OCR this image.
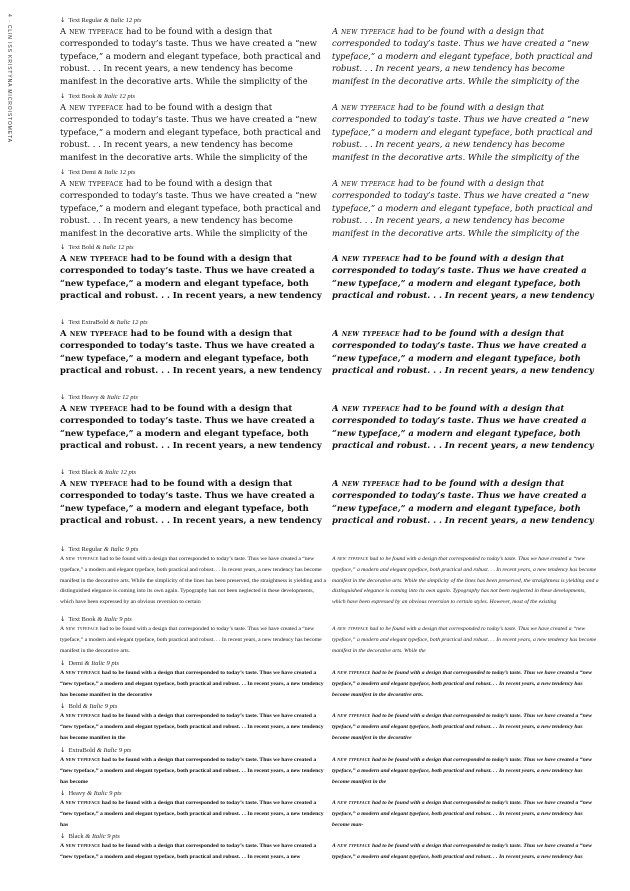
4 · CLIN ISS KRISTÝNA MICROISTOMETA	↓ Text Regular & Italic 12 pts
A new typeface had to be found with a design that corresponded to today’s taste. Thus we have created a “new typeface,” a modern and elegant typeface, both practical and robust. . . In recent years, a new tendency has become manifest in the decorative arts. While the simplicity of the
A new typeface had to be found with a design that corresponded to today’s taste. Thus we have created a “new typeface,” a modern and elegant typeface, both practical and robust. . . In recent years, a new tendency has become manifest in the decorative arts. While the simplicity of the
↓ Text Book & Italic 12 pts
A new typeface had to be found with a design that corresponded to today’s taste. Thus we have created a “new typeface,” a modern and elegant typeface, both practical and robust. . . In recent years, a new tendency has become manifest in the decorative arts. While the simplicity of the
A new typeface had to be found with a design that corresponded to today’s taste. Thus we have created a “new typeface,” a modern and elegant typeface, both practical and robust. . . In recent years, a new tendency has become manifest in the decorative arts. While the simplicity of the
↓ Text Demi & Italic 12 pts
A new typeface had to be found with a design that corresponded to today’s taste. Thus we have created a “new typeface,” a modern and elegant typeface, both practical and robust. . . In recent years, a new tendency has become manifest in the decorative arts. While the simplicity of the
A new typeface had to be found with a design that corresponded to today’s taste. Thus we have created a “new typeface,” a modern and elegant typeface, both practical and robust. . . In recent years, a new tendency has become manifest in the decorative arts. While the simplicity of the
↓ Text Bold & Italic 12 pts
A new typeface had to be found with a design that corresponded to today’s taste. Thus we have created a “new typeface,” a modern and elegant typeface, both practical and robust. . . In recent years, a new tendency
A new typeface had to be found with a design that corresponded to today’s taste. Thus we have created a “new typeface,” a modern and elegant typeface, both practical and robust. . . In recent years, a new tendency
↓ Text ExtraBold & Italic 12 pts
A new typeface had to be found with a design that corresponded to today’s taste. Thus we have created a “new typeface,” a modern and elegant typeface, both practical and robust. . . In recent years, a new tendency
A new typeface had to be found with a design that corresponded to today’s taste. Thus we have created a “new typeface,” a modern and elegant typeface, both practical and robust. . . In recent years, a new tendency
↓ Text Heavy & Italic 12 pts
A new typeface had to be found with a design that corresponded to today’s taste. Thus we have created a “new typeface,” a modern and elegant typeface, both practical and robust. . . In recent years, a new tendency
A new typeface had to be found with a design that corresponded to today’s taste. Thus we have created a “new typeface,” a modern and elegant typeface, both practical and robust. . . In recent years, a new tendency
↓ Text Black & Italic 12 pts
A new typeface had to be found with a design that corresponded to today’s taste. Thus we have created a “new typeface,” a modern and elegant typeface, both practical and robust. . . In recent years, a new tendency
A new typeface had to be found with a design that corresponded to today’s taste. Thus we have created a “new typeface,” a modern and elegant typeface, both practical and robust. . . In recent years, a new tendency
↓ Text Regular & Italic 9 pts
A new typeface had to be found with a design that corresponded to today’s taste. Thus we have created a “new typeface,” a modern and elegant typeface, both practical and robust. . . In recent years, a new tendency has become manifest in the decorative arts. While the simplicity of the lines has been preserved, the straightness is yielding and a distinguished elegance is coming into its own again. Typography has not been neglected in these developments, which have been expressed by an obvious reversion to certain
A new typeface had to be found with a design that corresponded to today’s taste. Thus we have created a “new typeface,” a modern and elegant typeface, both practical and robust. . . In recent years, a new tendency has become manifest in the decorative arts. While the simplicity of the lines has been preserved, the straightness is yielding and a distinguished elegance is coming into its own again. Typography has not been neglected in these developments, which have been expressed by an obvious reversion to certain styles. However, most of the existing
↓ Text Book & Italic 9 pts
A new typeface had to be found with a design that corresponded to today’s taste. Thus we have created a “new typeface,” a modern and elegant typeface, both practical and robust. . . In recent years, a new tendency has become manifest in the decorative arts.
A new typeface had to be found with a design that corresponded to today’s taste. Thus we have created a “new typeface,” a modern and elegant typeface, both practical and robust. . . In recent years, a new tendency has become manifest in the decorative arts. While the
↓ Demi & Italic 9 pts
A new typeface had to be found with a design that corresponded to today’s taste. Thus we have created a “new typeface,” a modern and elegant typeface, both practical and robust. . . In recent years, a new tendency has become manifest in the decorative
A new typeface had to be found with a design that corresponded to today’s taste. Thus we have created a “new typeface,” a modern and elegant typeface, both practical and robust. . . In recent years, a new tendency has become manifest in the decorative arts.
↓ Bold & Italic 9 pts
A new typeface had to be found with a design that corresponded to today’s taste. Thus we have created a “new typeface,” a modern and elegant typeface, both practical and robust. . . In recent years, a new tendency has become manifest in the
A new typeface had to be found with a design that corresponded to today’s taste. Thus we have created a “new typeface,” a modern and elegant typeface, both practical and robust. . . In recent years, a new tendency has become manifest in the decorative
↓ ExtraBold & Italic 9 pts
A new typeface had to be found with a design that corresponded to today’s taste. Thus we have created a “new typeface,” a modern and elegant typeface, both practical and robust. . . In recent years, a new tendency has become
A new typeface had to be found with a design that corresponded to today’s taste. Thus we have created a “new typeface,” a modern and elegant typeface, both practical and robust. . . In recent years, a new tendency has become manifest in the
↓ Heavy & Italic 9 pts
A new typeface had to be found with a design that corresponded to today’s taste. Thus we have created a “new typeface,” a modern and elegant typeface, both practical and robust. . . In recent years, a new tendency has
A new typeface had to be found with a design that corresponded to today’s taste. Thus we have created a “new typeface,” a modern and elegant typeface, both practical and robust. . . In recent years, a new tendency has become man-
↓ Black & Italic 9 pts
A new typeface had to be found with a design that corresponded to today’s taste. Thus we have created a “new typeface,” a modern and elegant typeface, both practical and robust. . . In recent years, a new
A new typeface had to be found with a design that corresponded to today’s taste. Thus we have created a “new typeface,” a modern and elegant typeface, both practical and robust. . . In recent years, a new tendency has
